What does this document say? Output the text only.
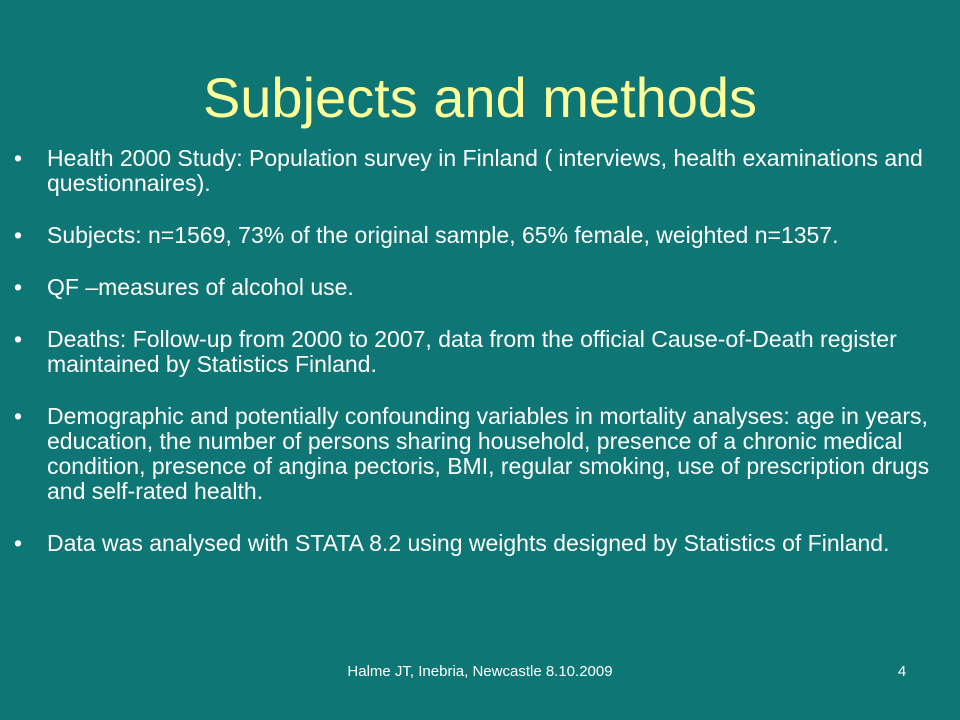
Subjects and methods
•	Health 2000 Study: Population survey in Finland ( interviews, health examinations and questionnaires).
•	Subjects: n=1569, 73% of the original sample, 65% female, weighted n=1357.
•	QF –measures of alcohol use.
•	Deaths: Follow-up from 2000 to 2007, data from the official Cause-of-Death register maintained by Statistics Finland.
•	Demographic and potentially confounding variables in mortality analyses: age in years, education, the number of persons sharing household, presence of a chronic medical condition, presence of angina pectoris, BMI, regular smoking, use of prescription drugs and self-rated health.
•	Data was analysed with STATA 8.2 using weights designed by Statistics of Finland.
Halme JT, Inebria, Newcastle 8.10.2009	4
